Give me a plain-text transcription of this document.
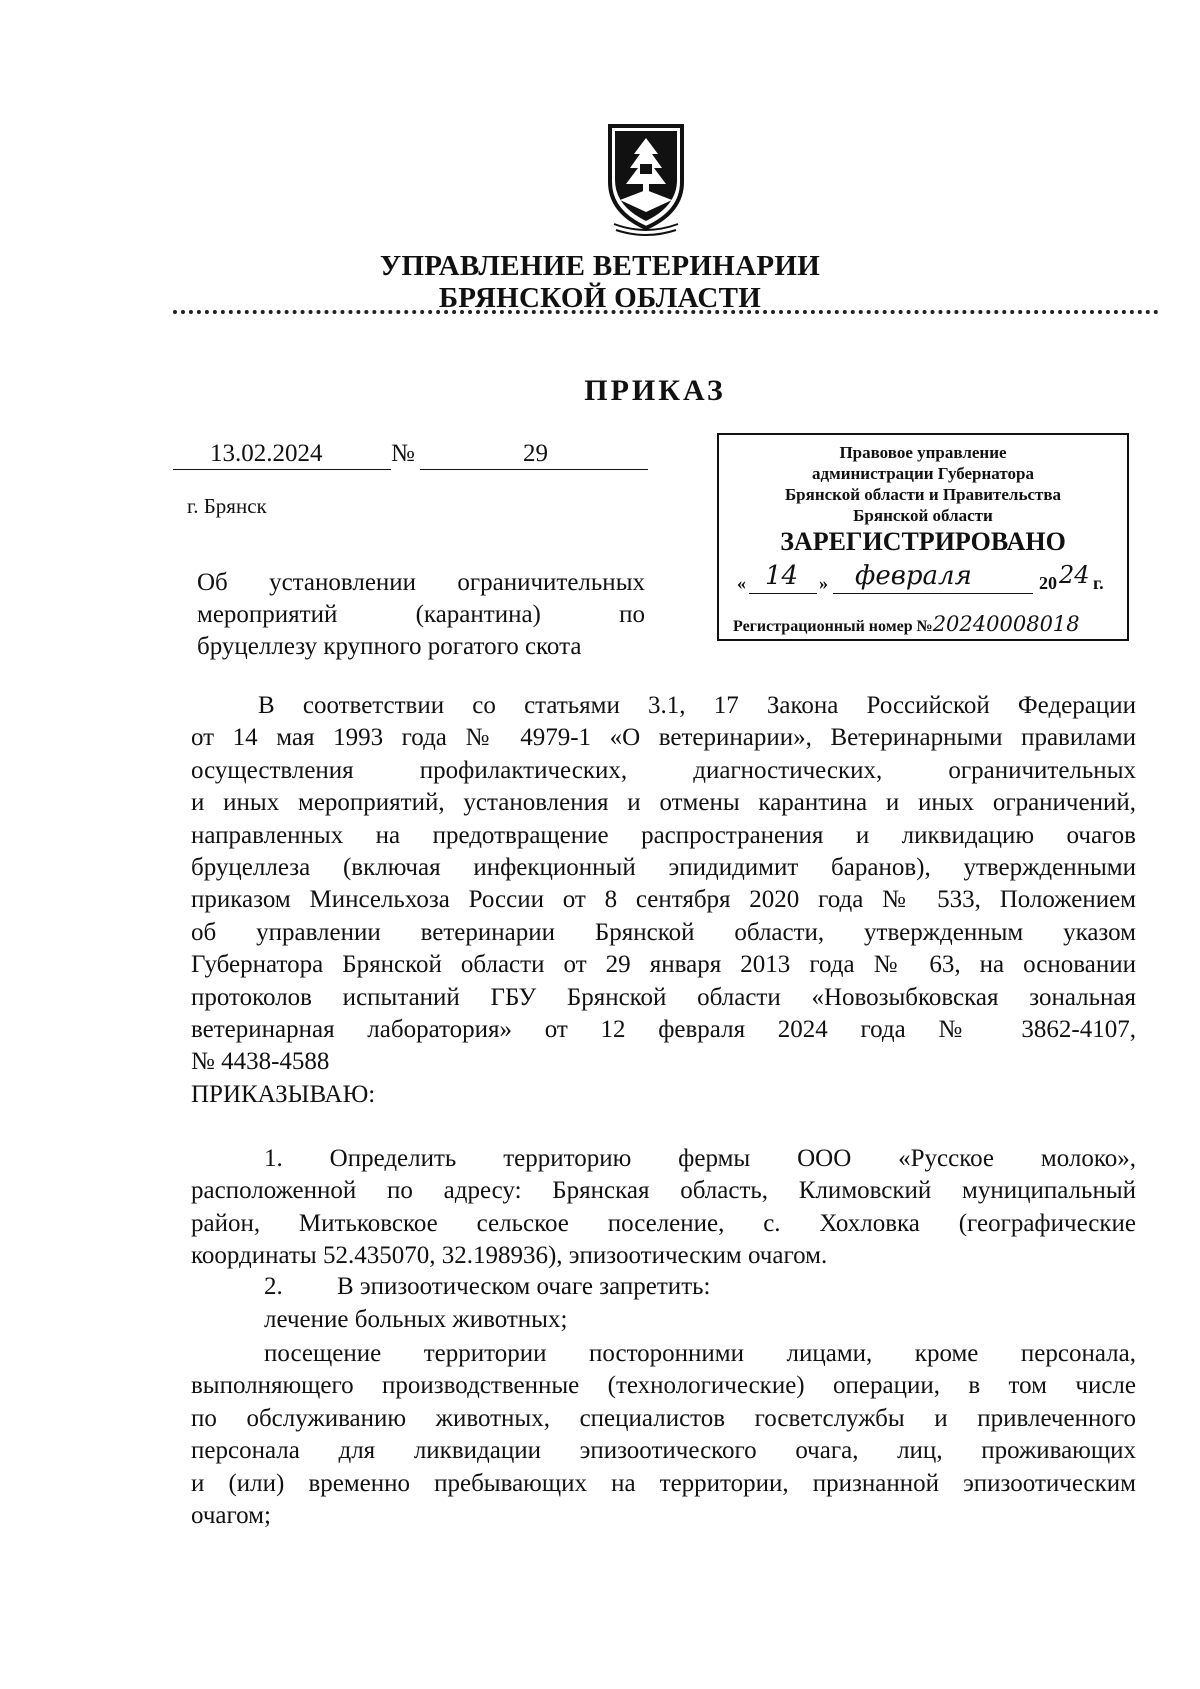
УПРАВЛЕНИЕ ВЕТЕРИНАРИИ
БРЯНСКОЙ ОБЛАСТИ
ПРИКАЗ
13.02.2024	№	29
г. Брянск
Об установлении ограничительных
мероприятий (карантина) по
бруцеллезу крупного рогатого скота
Правовое управление
администрации Губернатора
Брянской области и Правительства
Брянской области
ЗАРЕГИСТРИРОВАНО
« 14 » февраля	20 24 г.
Регистрационный номер №20240008018
В соответствии со статьями 3.1, 17 Закона Российской Федерации
от 14 мая 1993 года № 4979-1 «О ветеринарии», Ветеринарными правилами
осуществления профилактических, диагностических, ограничительных
и иных мероприятий, установления и отмены карантина и иных ограничений,
направленных на предотвращение распространения и ликвидацию очагов
бруцеллеза (включая инфекционный эпидидимит баранов), утвержденными
приказом Минсельхоза России от 8 сентября 2020 года № 533, Положением
об управлении ветеринарии Брянской области, утвержденным указом
Губернатора Брянской области от 29 января 2013 года № 63, на основании
протоколов испытаний ГБУ Брянской области «Новозыбковская зональная
ветеринарная лаборатория» от 12 февраля 2024 года № 3862-4107,
№ 4438-4588
ПРИКАЗЫВАЮ:
1. Определить территорию фермы ООО «Русское молоко»,
расположенной по адресу: Брянская область, Климовский муниципальный
район, Митьковское сельское поселение, с. Хохловка (географические
координаты 52.435070, 32.198936), эпизоотическим очагом.
2. В эпизоотическом очаге запретить:
лечение больных животных;
посещение территории посторонними лицами, кроме персонала,
выполняющего производственные (технологические) операции, в том числе
по обслуживанию животных, специалистов госветслужбы и привлеченного
персонала для ликвидации эпизоотического очага, лиц, проживающих
и (или) временно пребывающих на территории, признанной эпизоотическим
очагом;
